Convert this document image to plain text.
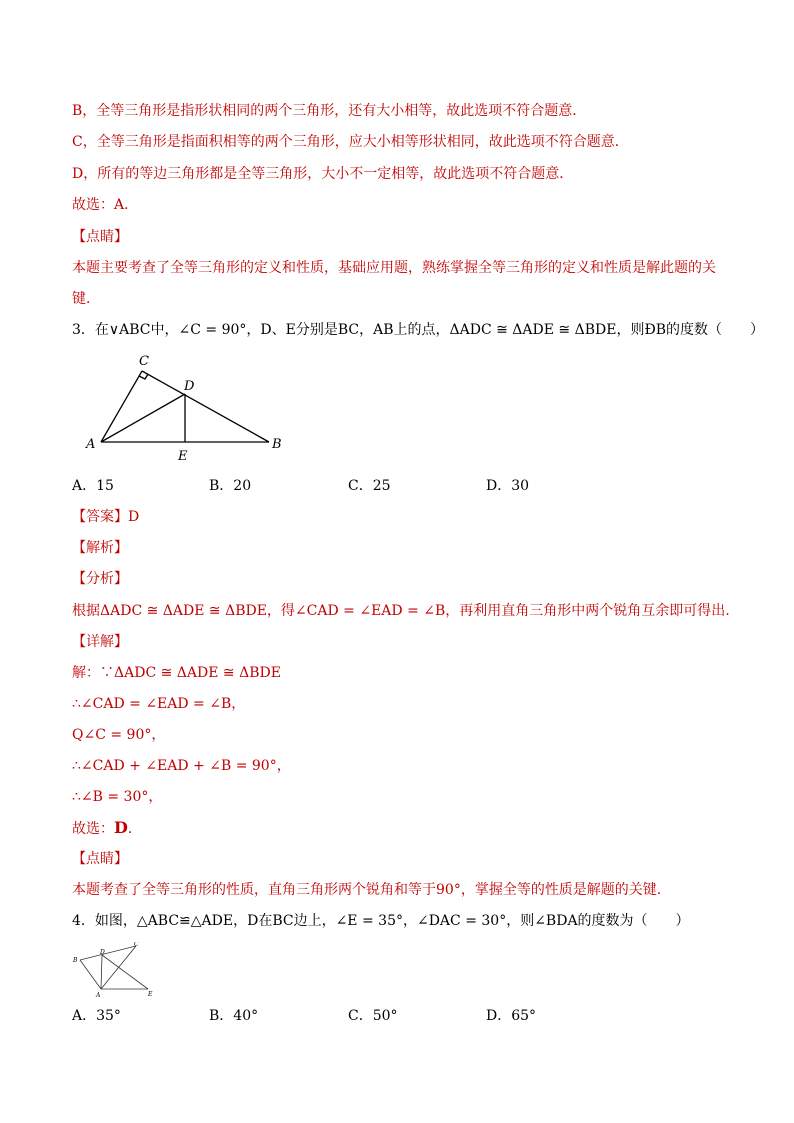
B，全等三角形是指形状相同的两个三角形，还有大小相等，故此选项不符合题意．
C，全等三角形是指面积相等的两个三角形，应大小相等形状相同，故此选项不符合题意．
D，所有的等边三角形都是全等三角形，大小不一定相等，故此选项不符合题意．
故选：A．
【点睛】
本题主要考查了全等三角形的定义和性质，基础应用题，熟练掌握全等三角形的定义和性质是解此题的关
键．
3．在∨ABC中，∠C = 90°，D、E分别是BC，AB上的点，ΔADC ≅ ΔADE ≅ ΔBDE，则ÐB的度数（　　）
C
D
A	B
E
A．15	B．20	C．25	D．30
【答案】D
【解析】
【分析】
根据ΔADC ≅ ΔADE ≅ ΔBDE，得∠CAD = ∠EAD = ∠B，再利用直角三角形中两个锐角互余即可得出.
【详解】
解：∵ΔADC ≅ ΔADE ≅ ΔBDE
∴∠CAD = ∠EAD = ∠B，
Q∠C = 90°，
∴∠CAD + ∠EAD + ∠B = 90°，
∴∠B = 30°，
故选：D．
【点睛】
本题考查了全等三角形的性质，直角三角形两个锐角和等于90°，掌握全等的性质是解题的关键.
4．如图，△ABC≌△ADE，D在BC边上，∠E = 35°，∠DAC = 30°，则∠BDA的度数为（　　）
B
D
C
A	E
A．35°	B．40°	C．50°	D．65°
